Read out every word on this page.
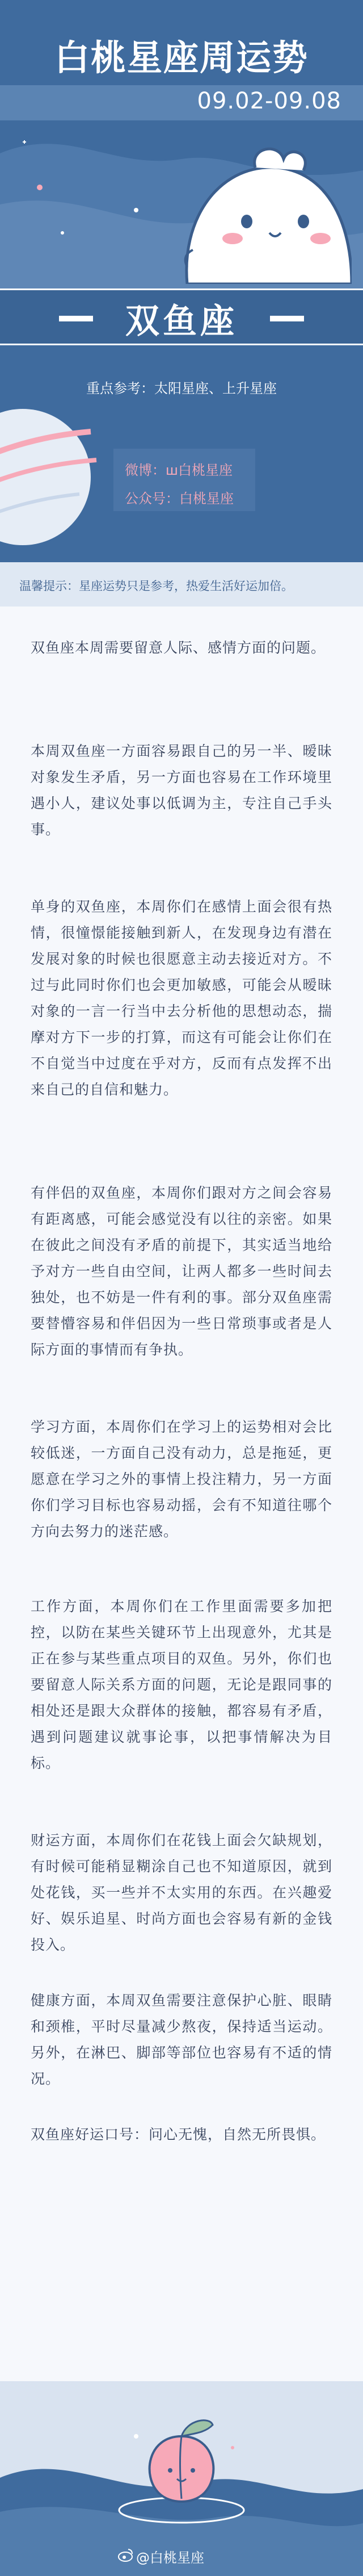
白桃星座周运势
09.02-09.08
双鱼座
重点参考：太阳星座、上升星座
微博：ш白桃星座
公众号：白桃星座
温馨提示：星座运势只是参考，热爱生活好运加倍。

双鱼座本周需要留意人际、感情方面的问题。

本周双鱼座一方面容易跟自己的另一半、暧昧对象发生矛盾，另一方面也容易在工作环境里遇小人，建议处事以低调为主，专注自己手头事。

单身的双鱼座，本周你们在感情上面会很有热情，很憧憬能接触到新人，在发现身边有潜在发展对象的时候也很愿意主动去接近对方。不过与此同时你们也会更加敏感，可能会从暧昧对象的一言一行当中去分析他的思想动态，揣摩对方下一步的打算，而这有可能会让你们在不自觉当中过度在乎对方，反而有点发挥不出来自己的自信和魅力。

有伴侣的双鱼座，本周你们跟对方之间会容易有距离感，可能会感觉没有以往的亲密。如果在彼此之间没有矛盾的前提下，其实适当地给予对方一些自由空间，让两人都多一些时间去独处，也不妨是一件有利的事。部分双鱼座需要替懵容易和伴侣因为一些日常琐事或者是人际方面的事情而有争执。

学习方面，本周你们在学习上的运势相对会比较低迷，一方面自己没有动力，总是拖延，更愿意在学习之外的事情上投注精力，另一方面你们学习目标也容易动摇，会有不知道往哪个方向去努力的迷茫感。

工作方面，本周你们在工作里面需要多加把控，以防在某些关键环节上出现意外，尤其是正在参与某些重点项目的双鱼。另外，你们也要留意人际关系方面的问题，无论是跟同事的相处还是跟大众群体的接触，都容易有矛盾，遇到问题建议就事论事，以把事情解决为目标。

财运方面，本周你们在花钱上面会欠缺规划，有时候可能稍显糊涂自己也不知道原因，就到处花钱，买一些并不太实用的东西。在兴趣爱好、娱乐追星、时尚方面也会容易有新的金钱投入。

健康方面，本周双鱼需要注意保护心脏、眼睛和颈椎，平时尽量减少熬夜，保持适当运动。另外，在淋巴、脚部等部位也容易有不适的情况。

双鱼座好运口号：问心无愧，自然无所畏惧。

@白桃星座
